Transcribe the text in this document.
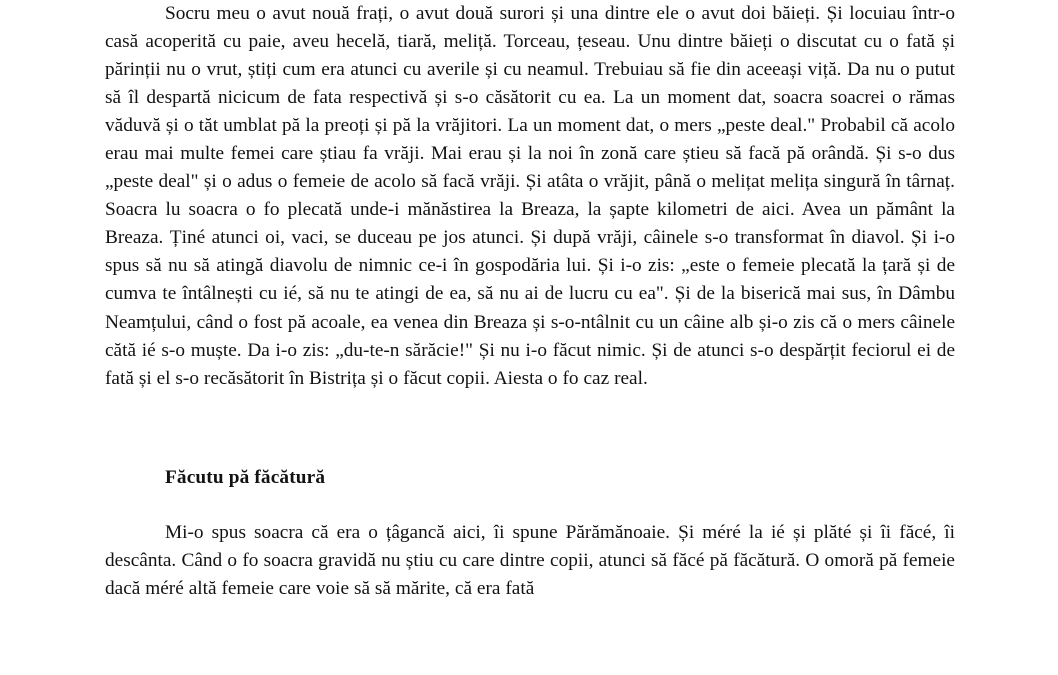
Socru meu o avut nouă frați, o avut două surori și una dintre ele o avut doi băieți. Și locuiau într-o casă acoperită cu paie, aveu hecelă, tiară, meliță. Torceau, țeseau. Unu dintre băieți o discutat cu o fată și părinții nu o vrut, știți cum era atunci cu averile și cu neamul. Trebuiau să fie din aceeași viță. Da nu o putut să îl despartă nicicum de fata respectivă și s-o căsătorit cu ea. La un moment dat, soacra soacrei o rămas văduvă și o tăt umblat pă la preoți și pă la vrăjitori. La un moment dat, o mers „peste deal." Probabil că acolo erau mai multe femei care știau fa vrăji. Mai erau și la noi în zonă care știeu să facă pă orândă. Și s-o dus „peste deal" și o adus o femeie de acolo să facă vrăji. Și atâta o vrăjit, până o melițat melița singură în târnaț. Soacra lu soacra o fo plecată unde-i mănăstirea la Breaza, la șapte kilometri de aici. Avea un pământ la Breaza. Ținé atunci oi, vaci, se duceau pe jos atunci. Și după vrăji, câinele s-o transformat în diavol. Și i-o spus să nu să atingă diavolu de nimnic ce-i în gospodăria lui. Și i-o zis: „este o femeie plecată la țară și de cumva te întâlnești cu ié, să nu te atingi de ea, să nu ai de lucru cu ea". Și de la biserică mai sus, în Dâmbu Neamțului, când o fost pă acoale, ea venea din Breaza și s-o-ntâlnit cu un câine alb și-o zis că o mers câinele cătă ié s-o muște. Da i-o zis: „du-te-n sărăcie!" Și nu i-o făcut nimic. Și de atunci s-o despărțit feciorul ei de fată și el s-o recăsătorit în Bistrița și o făcut copii. Aiesta o fo caz real.

Făcutu pă făcătură

Mi-o spus soacra că era o țâgancă aici, îi spune Părămănoaie. Și méré la ié și plăté și îi făcé, îi descânta. Când o fo soacra gravidă nu știu cu care dintre copii, atunci să făcé pă făcătură. O omoră pă femeie dacă méré altă femeie care voie să să mărite, că era fată
